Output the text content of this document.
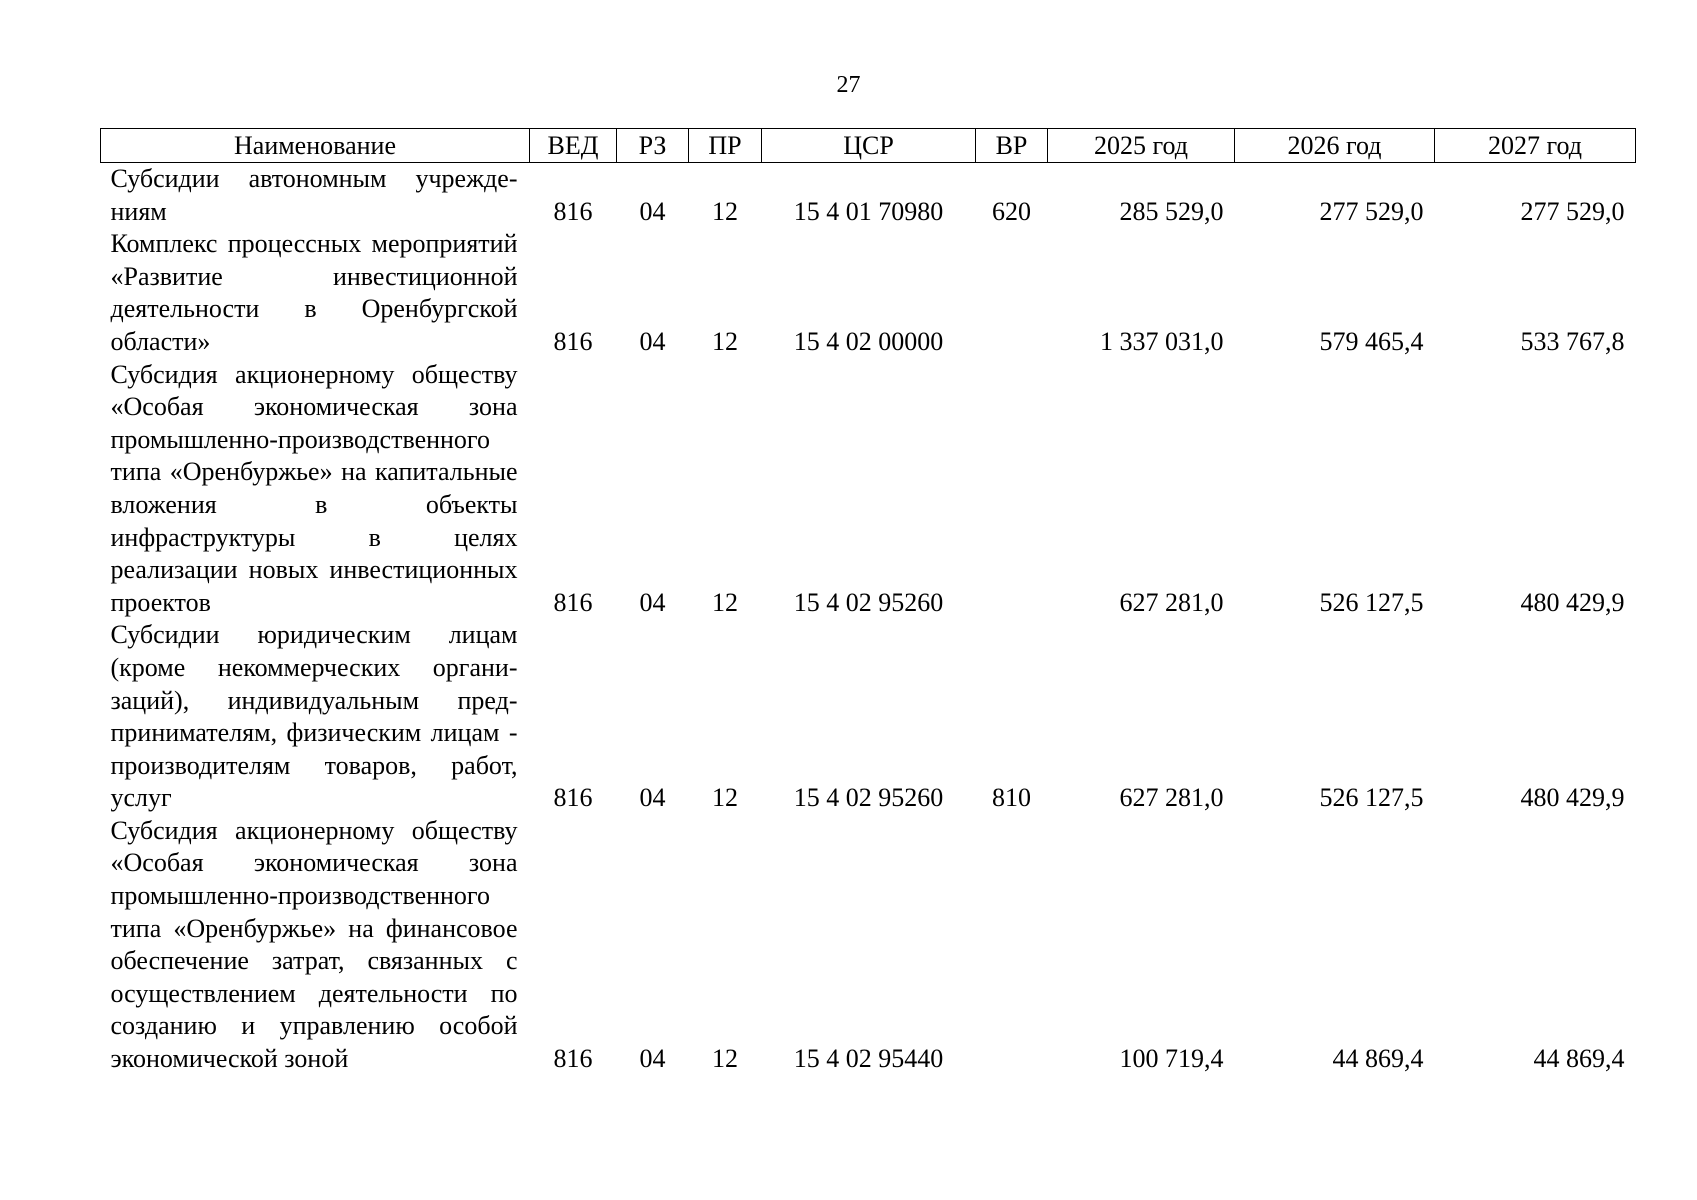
27
Наименование	ВЕД	РЗ	ПР	ЦСР	ВР	2025 год	2026 год	2027 год
Субсидии автономным учреждениям	816	04	12	15 4 01 70980	620	285 529,0	277 529,0	277 529,0
Комплекс процессных мероприятий «Развитие инвестиционной деятельности в Оренбургской области»	816	04	12	15 4 02 00000		1 337 031,0	579 465,4	533 767,8
Субсидия акционерному обществу «Особая экономическая зона промышленно-производственного типа «Оренбуржье» на капитальные вложения в объекты инфраструктуры в целях реализации новых инвестиционных проектов	816	04	12	15 4 02 95260		627 281,0	526 127,5	480 429,9
Субсидии юридическим лицам (кроме некоммерческих организаций), индивидуальным предпринимателям, физическим лицам - производителям товаров, работ, услуг	816	04	12	15 4 02 95260	810	627 281,0	526 127,5	480 429,9
Субсидия акционерному обществу «Особая экономическая зона промышленно-производственного типа «Оренбуржье» на финансовое обеспечение затрат, связанных с осуществлением деятельности по созданию и управлению особой экономической зоной	816	04	12	15 4 02 95440		100 719,4	44 869,4	44 869,4
